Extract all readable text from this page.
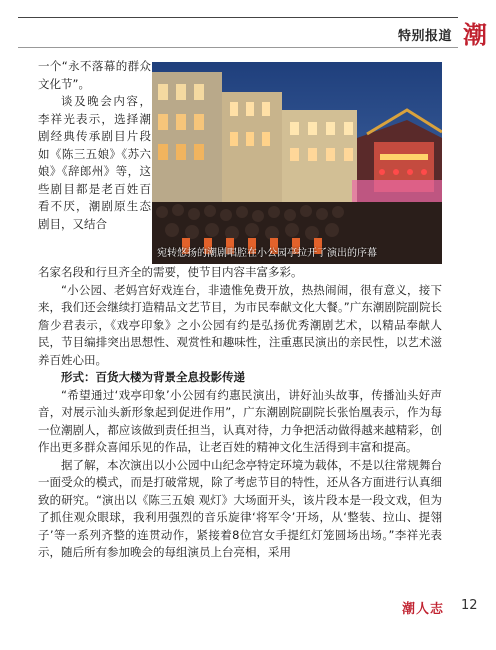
特别报道 潮

一个“永不落幕的群众文化节”。

谈及晚会内容，李祥光表示，选择潮剧经典传承剧目片段如《陈三五娘》《苏六娘》《辞郎州》等，这些剧目都是老百姓百看不厌，潮剧原生态剧目，又结合

宛转悠扬的潮剧唱腔在小公园亭拉开了演出的序幕

名家名段和行旦齐全的需要，使节目内容丰富多彩。

“小公园、老妈宫好戏连台，非遗惟免费开放，热热闹闹，很有意义，接下来，我们还会继续打造精品文艺节目，为市民奉献文化大餐。”广东潮剧院副院长詹少君表示，《戏亭印象》之小公园有约是弘扬优秀潮剧艺术，以精品奉献人民，节目编排突出思想性、观赏性和趣味性，注重惠民演出的亲民性，以艺术滋养百姓心田。

形式：百货大楼为背景全息投影传递

“希望通过‘戏亭印象’小公园有约惠民演出，讲好汕头故事，传播汕头好声音，对展示汕头新形象起到促进作用”，广东潮剧院副院长张怡凰表示，作为每一位潮剧人，都应该做到责任担当，认真对待，力争把活动做得越来越精彩，创作出更多群众喜闻乐见的作品，让老百姓的精神文化生活得到丰富和提高。

据了解，本次演出以小公园中山纪念亭特定环境为载体，不是以往常规舞台一面受众的模式，而是打破常规，除了考虑节目的特性，还从各方面进行认真细致的研究。“演出以《陈三五娘 观灯》大场面开头，该片段本是一段文戏，但为了抓住观众眼球，我利用强烈的音乐旋律‘将军令’开场，从‘整装、拉山、提翎子’等一系列齐整的连贯动作，紧接着8位宫女手提红灯笼圆场出场。”李祥光表示，随后所有参加晚会的每组演员上台亮相，采用

潮人志	12
